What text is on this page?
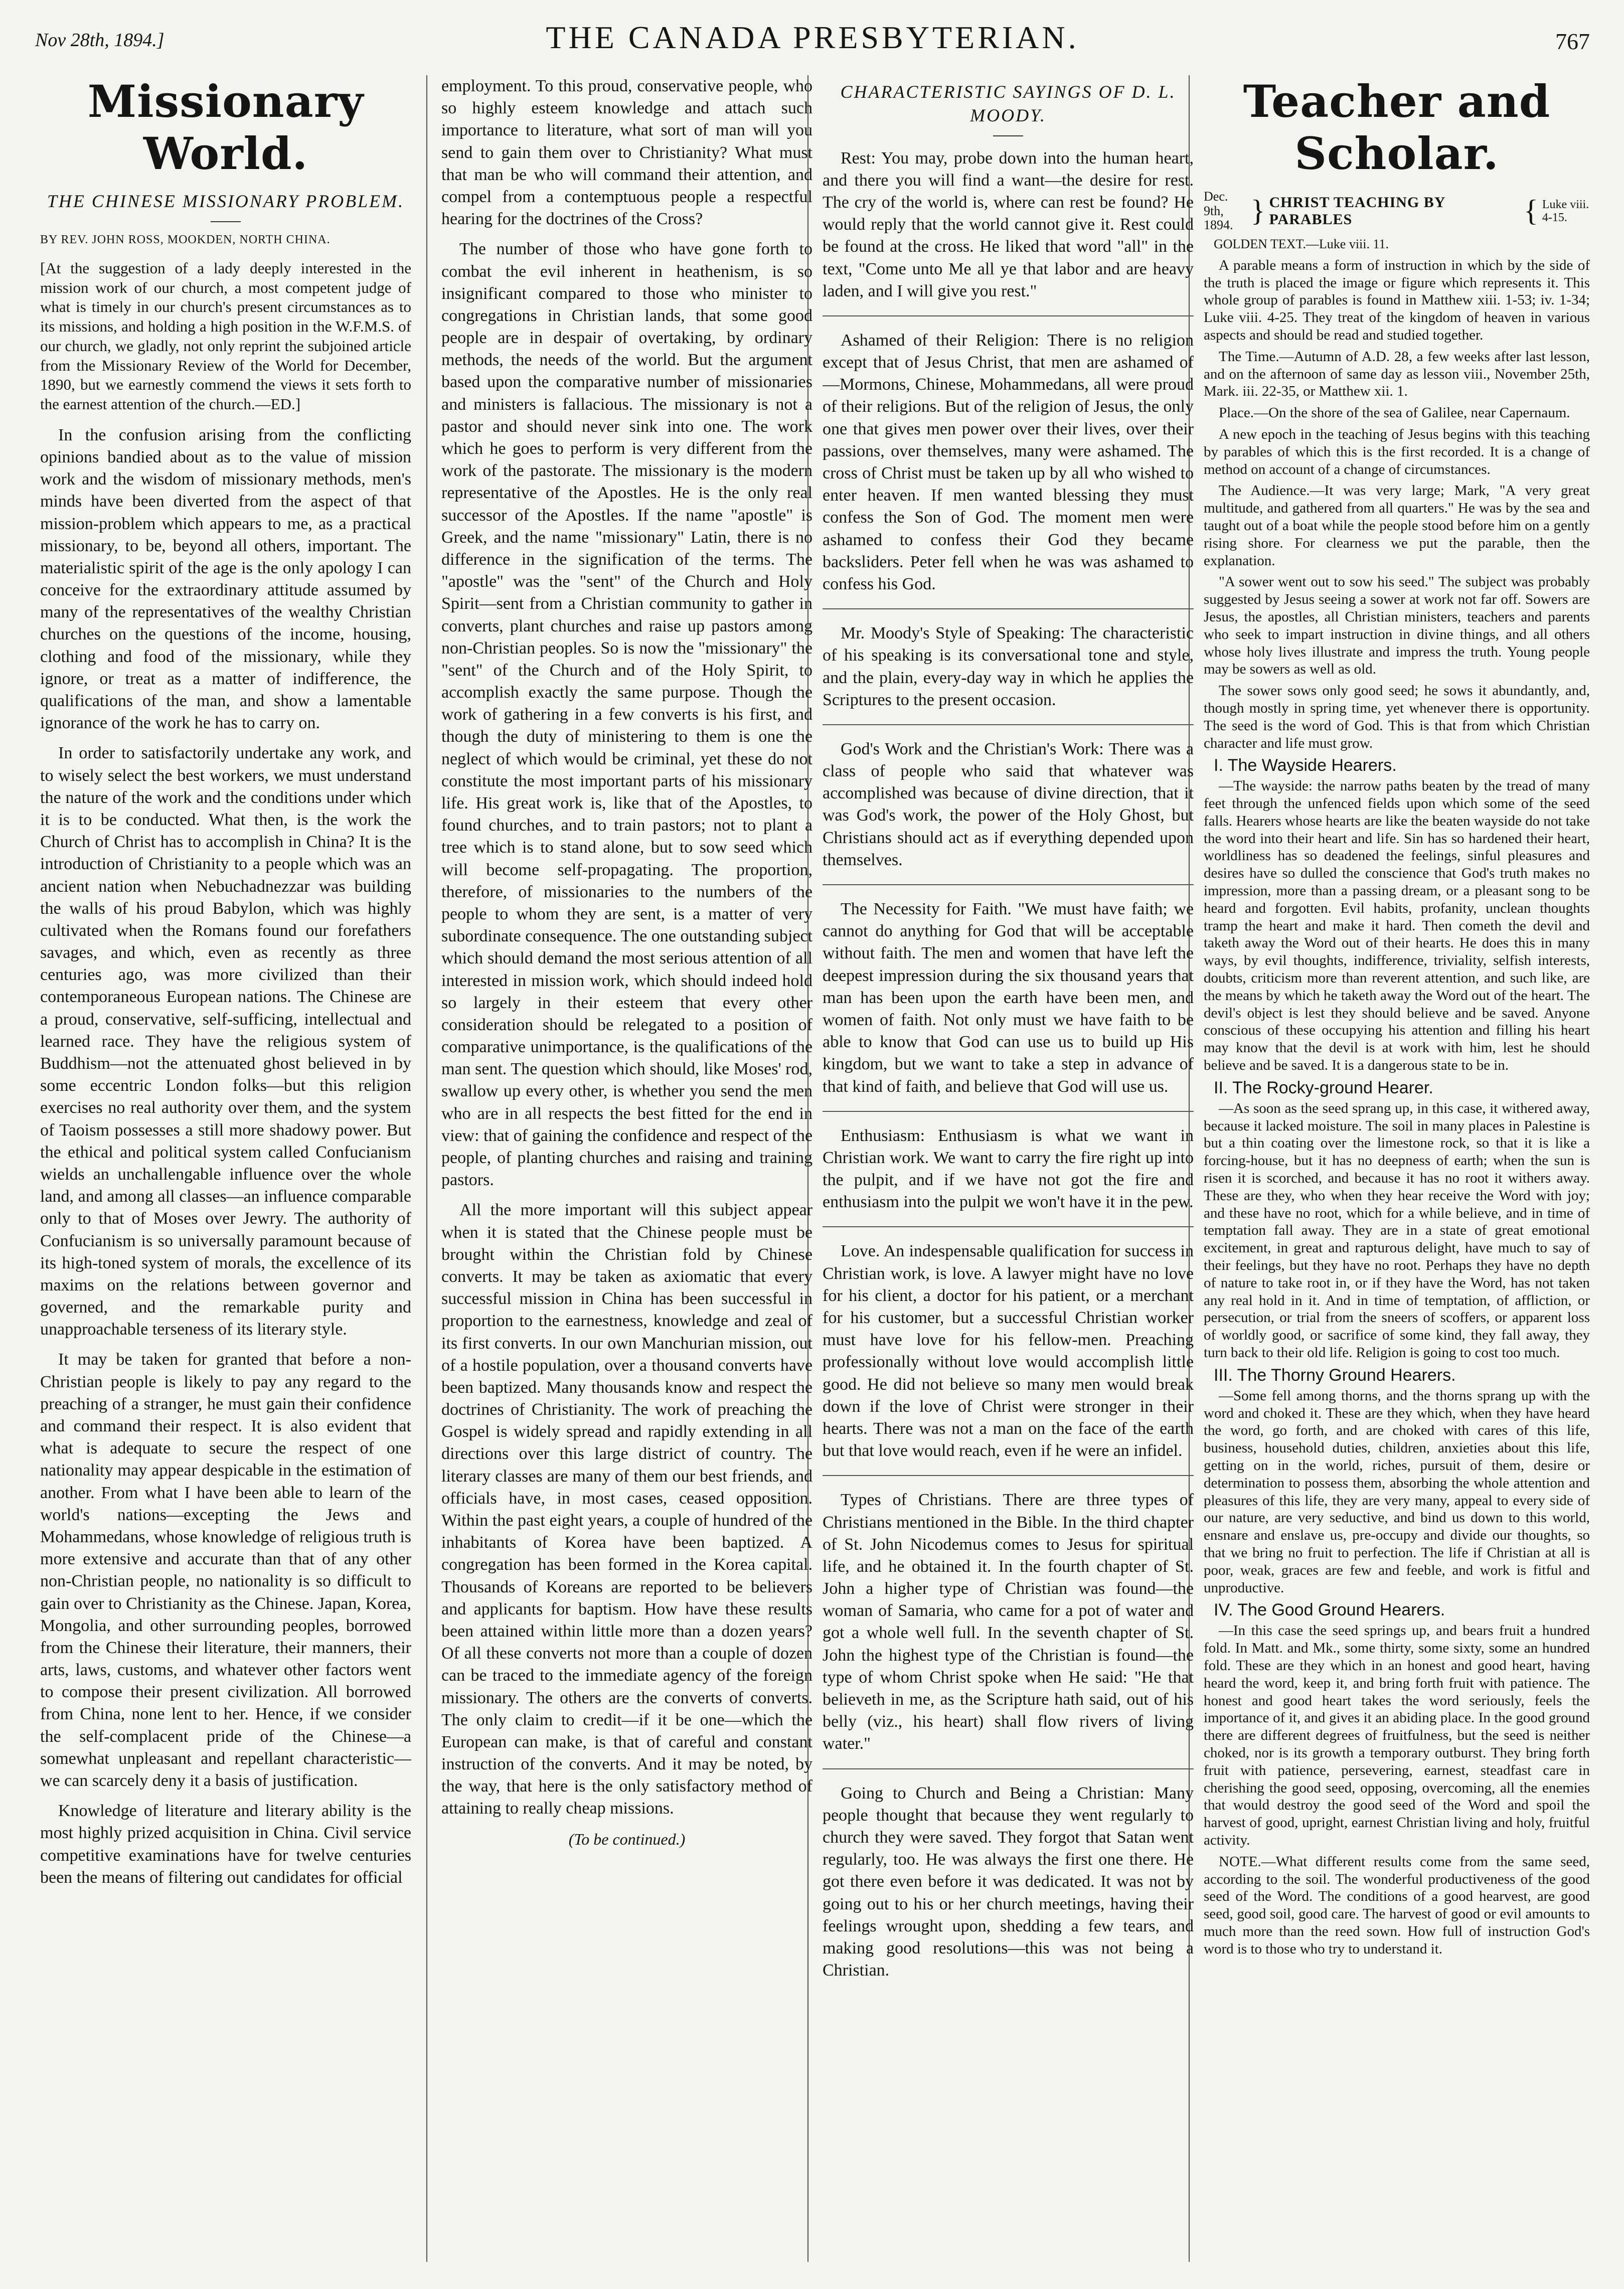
Nov 28th, 1894.]	THE CANADA PRESBYTERIAN.	767
Missionary World.
THE CHINESE MISSIONARY PROBLEM.
BY REV. JOHN ROSS, MOOKDEN, NORTH CHINA.
[At the suggestion of a lady deeply interested in the mission work of our church, a most competent judge of what is timely in our church's present circumstances as to its missions, and holding a high position in the W.F.M.S. of our church, we gladly, not only reprint the subjoined article from the Missionary Review of the World for December, 1890, but we earnestly commend the views it sets forth to the earnest attention of the church.—ED.]

In the confusion arising from the conflicting opinions bandied about as to the value of mission work and the wisdom of missionary methods, men's minds have been diverted from the aspect of that mission-problem which appears to me, as a practical missionary, to be, beyond all others, important. The materialistic spirit of the age is the only apology I can conceive for the extraordinary attitude assumed by many of the representatives of the wealthy Christian churches on the questions of the income, housing, clothing and food of the missionary, while they ignore, or treat as a matter of indifference, the qualifications of the man, and show a lamentable ignorance of the work he has to carry on.

In order to satisfactorily undertake any work, and to wisely select the best workers, we must understand the nature of the work and the conditions under which it is to be conducted. What then, is the work the Church of Christ has to accomplish in China? It is the introduction of Christianity to a people which was an ancient nation when Nebuchadnezzar was building the walls of his proud Babylon, which was highly cultivated when the Romans found our forefathers savages, and which, even as recently as three centuries ago, was more civilized than their contemporaneous European nations. The Chinese are a proud, conservative, self-sufficing, intellectual and learned race. They have the religious system of Buddhism—not the attenuated ghost believed in by some eccentric London folks—but this religion exercises no real authority over them, and the system of Taoism possesses a still more shadowy power. But the ethical and political system called Confucianism wields an unchallengable influence over the whole land, and among all classes—an influence comparable only to that of Moses over Jewry. The authority of Confucianism is so universally paramount because of its high-toned system of morals, the excellence of its maxims on the relations between governor and governed, and the remarkable purity and unapproachable terseness of its literary style.

It may be taken for granted that before a non-Christian people is likely to pay any regard to the preaching of a stranger, he must gain their confidence and command their respect. It is also evident that what is adequate to secure the respect of one nationality may appear despicable in the estimation of another. From what I have been able to learn of the world's nations—excepting the Jews and Mohammedans, whose knowledge of religious truth is more extensive and accurate than that of any other non-Christian people, no nationality is so difficult to gain over to Christianity as the Chinese. Japan, Korea, Mongolia, and other surrounding peoples, borrowed from the Chinese their literature, their manners, their arts, laws, customs, and whatever other factors went to compose their present civilization. All borrowed from China, none lent to her. Hence, if we consider the self-complacent pride of the Chinese—a somewhat unpleasant and repellant characteristic—we can scarcely deny it a basis of justification.

Knowledge of literature and literary ability is the most highly prized acquisition in China. Civil service competitive examinations have for twelve centuries been the means of filtering out candidates for official

employment. To this proud, conservative people, who so highly esteem knowledge and attach such importance to literature, what sort of man will you send to gain them over to Christianity? What must that man be who will command their attention, and compel from a contemptuous people a respectful hearing for the doctrines of the Cross?

The number of those who have gone forth to combat the evil inherent in heathenism, is so insignificant compared to those who minister to congregations in Christian lands, that some good people are in despair of overtaking, by ordinary methods, the needs of the world. But the argument based upon the comparative number of missionaries and ministers is fallacious. The missionary is not a pastor and should never sink into one. The work which he goes to perform is very different from the work of the pastorate. The missionary is the modern representative of the Apostles. He is the only real successor of the Apostles. If the name "apostle" is Greek, and the name "missionary" Latin, there is no difference in the signification of the terms. The "apostle" was the "sent" of the Church and Holy Spirit—sent from a Christian community to gather in converts, plant churches and raise up pastors among non-Christian peoples. So is now the "missionary" the "sent" of the Church and of the Holy Spirit, to accomplish exactly the same purpose. Though the work of gathering in a few converts is his first, and though the duty of ministering to them is one the neglect of which would be criminal, yet these do not constitute the most important parts of his missionary life. His great work is, like that of the Apostles, to found churches, and to train pastors; not to plant a tree which is to stand alone, but to sow seed which will become self-propagating. The proportion, therefore, of missionaries to the numbers of the people to whom they are sent, is a matter of very subordinate consequence. The one outstanding subject which should demand the most serious attention of all interested in mission work, which should indeed hold so largely in their esteem that every other consideration should be relegated to a position of comparative unimportance, is the qualifications of the man sent. The question which should, like Moses' rod, swallow up every other, is whether you send the men who are in all respects the best fitted for the end in view: that of gaining the confidence and respect of the people, of planting churches and raising and training pastors.

All the more important will this subject appear when it is stated that the Chinese people must be brought within the Christian fold by Chinese converts. It may be taken as axiomatic that every successful mission in China has been successful in proportion to the earnestness, knowledge and zeal of its first converts. In our own Manchurian mission, out of a hostile population, over a thousand converts have been baptized. Many thousands know and respect the doctrines of Christianity. The work of preaching the Gospel is widely spread and rapidly extending in all directions over this large district of country. The literary classes are many of them our best friends, and officials have, in most cases, ceased opposition. Within the past eight years, a couple of hundred of the inhabitants of Korea have been baptized. A congregation has been formed in the Korea capital. Thousands of Koreans are reported to be believers and applicants for baptism. How have these results been attained within little more than a dozen years? Of all these converts not more than a couple of dozen can be traced to the immediate agency of the foreign missionary. The others are the converts of converts. The only claim to credit—if it be one—which the European can make, is that of careful and constant instruction of the converts. And it may be noted, by the way, that here is the only satisfactory method of attaining to really cheap missions.

(To be continued.)
CHARACTERISTIC SAYINGS OF D. L. MOODY.

Rest: You may, probe down into the human heart, and there you will find a want—the desire for rest. The cry of the world is, where can rest be found? He would reply that the world cannot give it. Rest could be found at the cross. He liked that word "all" in the text, "Come unto Me all ye that labor and are heavy laden, and I will give you rest."

Ashamed of their Religion: There is no religion except that of Jesus Christ, that men are ashamed of—Mormons, Chinese, Mohammedans, all were proud of their religions. But of the religion of Jesus, the only one that gives men power over their lives, over their passions, over themselves, many were ashamed. The cross of Christ must be taken up by all who wished to enter heaven. If men wanted blessing they must confess the Son of God. The moment men were ashamed to confess their God they became backsliders. Peter fell when he was was ashamed to confess his God.

Mr. Moody's Style of Speaking: The characteristic of his speaking is its conversational tone and style, and the plain, every-day way in which he applies the Scriptures to the present occasion.

God's Work and the Christian's Work: There was a class of people who said that whatever was accomplished was because of divine direction, that it was God's work, the power of the Holy Ghost, but Christians should act as if everything depended upon themselves.

The Necessity for Faith. "We must have faith; we cannot do anything for God that will be acceptable without faith. The men and women that have left the deepest impression during the six thousand years that man has been upon the earth have been men, and women of faith. Not only must we have faith to be able to know that God can use us to build up His kingdom, but we want to take a step in advance of that kind of faith, and believe that God will use us.

Enthusiasm: Enthusiasm is what we want in Christian work. We want to carry the fire right up into the pulpit, and if we have not got the fire and enthusiasm into the pulpit we won't have it in the pew.

Love. An indespensable qualification for success in Christian work, is love. A lawyer might have no love for his client, a doctor for his patient, or a merchant for his customer, but a successful Christian worker must have love for his fellow-men. Preaching professionally without love would accomplish little good. He did not believe so many men would break down if the love of Christ were stronger in their hearts. There was not a man on the face of the earth but that love would reach, even if he were an infidel.

Types of Christians. There are three types of Christians mentioned in the Bible. In the third chapter of St. John Nicodemus comes to Jesus for spiritual life, and he obtained it. In the fourth chapter of St. John a higher type of Christian was found—the woman of Samaria, who came for a pot of water and got a whole well full. In the seventh chapter of St. John the highest type of the Christian is found—the type of whom Christ spoke when He said: "He that believeth in me, as the Scripture hath said, out of his belly (viz., his heart) shall flow rivers of living water."

Going to Church and Being a Christian: Many people thought that because they went regularly to church they were saved. They forgot that Satan went regularly, too. He was always the first one there. He got there even before it was dedicated. It was not by going out to his or her church meetings, having their feelings wrought upon, shedding a few tears, and making good resolutions—this was not being a Christian.

Teacher and Scholar.
Dec. 9th, 1894. } CHRIST TEACHING BY PARABLES	{ Luke viii. 4-15.
GOLDEN TEXT.—Luke viii. 11.

A parable means a form of instruction in which by the side of the truth is placed the image or figure which represents it. This whole group of parables is found in Matthew xiii. 1-53; iv. 1-34; Luke viii. 4-25. They treat of the kingdom of heaven in various aspects and should be read and studied together.

The Time.—Autumn of A.D. 28, a few weeks after last lesson, and on the afternoon of same day as lesson viii., November 25th, Mark. iii. 22-35, or Matthew xii. 1.

Place.—On the shore of the sea of Galilee, near Capernaum.

A new epoch in the teaching of Jesus begins with this teaching by parables of which this is the first recorded. It is a change of method on account of a change of circumstances.

The Audience.—It was very large; Mark, "A very great multitude, and gathered from all quarters." He was by the sea and taught out of a boat while the people stood before him on a gently rising shore. For clearness we put the parable, then the explanation.

"A sower went out to sow his seed." The subject was probably suggested by Jesus seeing a sower at work not far off. Sowers are Jesus, the apostles, all Christian ministers, teachers and parents who seek to impart instruction in divine things, and all others whose holy lives illustrate and impress the truth. Young people may be sowers as well as old.

The sower sows only good seed; he sows it abundantly, and, though mostly in spring time, yet whenever there is opportunity. The seed is the word of God. This is that from which Christian character and life must grow.

I. The Wayside Hearers.

—The wayside: the narrow paths beaten by the tread of many feet through the unfenced fields upon which some of the seed falls. Hearers whose hearts are like the beaten wayside do not take the word into their heart and life. Sin has so hardened their heart, worldliness has so deadened the feelings, sinful pleasures and desires have so dulled the conscience that God's truth makes no impression, more than a passing dream, or a pleasant song to be heard and forgotten. Evil habits, profanity, unclean thoughts tramp the heart and make it hard. Then cometh the devil and taketh away the Word out of their hearts. He does this in many ways, by evil thoughts, indifference, triviality, selfish interests, doubts, criticism more than reverent attention, and such like, are the means by which he taketh away the Word out of the heart. The devil's object is lest they should believe and be saved. Anyone conscious of these occupying his attention and filling his heart may know that the devil is at work with him, lest he should believe and be saved. It is a dangerous state to be in.

II. The Rocky-ground Hearer.

—As soon as the seed sprang up, in this case, it withered away, because it lacked moisture. The soil in many places in Palestine is but a thin coating over the limestone rock, so that it is like a forcing-house, but it has no deepness of earth; when the sun is risen it is scorched, and because it has no root it withers away. These are they, who when they hear receive the Word with joy; and these have no root, which for a while believe, and in time of temptation fall away. They are in a state of great emotional excitement, in great and rapturous delight, have much to say of their feelings, but they have no root. Perhaps they have no depth of nature to take root in, or if they have the Word, has not taken any real hold in it. And in time of temptation, of affliction, or persecution, or trial from the sneers of scoffers, or apparent loss of worldly good, or sacrifice of some kind, they fall away, they turn back to their old life. Religion is going to cost too much.

III. The Thorny Ground Hearers.

—Some fell among thorns, and the thorns sprang up with the word and choked it. These are they which, when they have heard the word, go forth, and are choked with cares of this life, business, household duties, children, anxieties about this life, getting on in the world, riches, pursuit of them, desire or determination to possess them, absorbing the whole attention and pleasures of this life, they are very many, appeal to every side of our nature, are very seductive, and bind us down to this world, ensnare and enslave us, pre-occupy and divide our thoughts, so that we bring no fruit to perfection. The life if Christian at all is poor, weak, graces are few and feeble, and work is fitful and unproductive.

IV. The Good Ground Hearers.

—In this case the seed springs up, and bears fruit a hundred fold. In Matt. and Mk., some thirty, some sixty, some an hundred fold. These are they which in an honest and good heart, having heard the word, keep it, and bring forth fruit with patience. The honest and good heart takes the word seriously, feels the importance of it, and gives it an abiding place. In the good ground there are different degrees of fruitfulness, but the seed is neither choked, nor is its growth a temporary outburst. They bring forth fruit with patience, persevering, earnest, steadfast care in cherishing the good seed, opposing, overcoming, all the enemies that would destroy the good seed of the Word and spoil the harvest of good, upright, earnest Christian living and holy, fruitful activity.

NOTE.—What different results come from the same seed, according to the soil. The wonderful productiveness of the good seed of the Word. The conditions of a good hearvest, are good seed, good soil, good care. The harvest of good or evil amounts to much more than the reed sown. How full of instruction God's word is to those who try to understand it.
